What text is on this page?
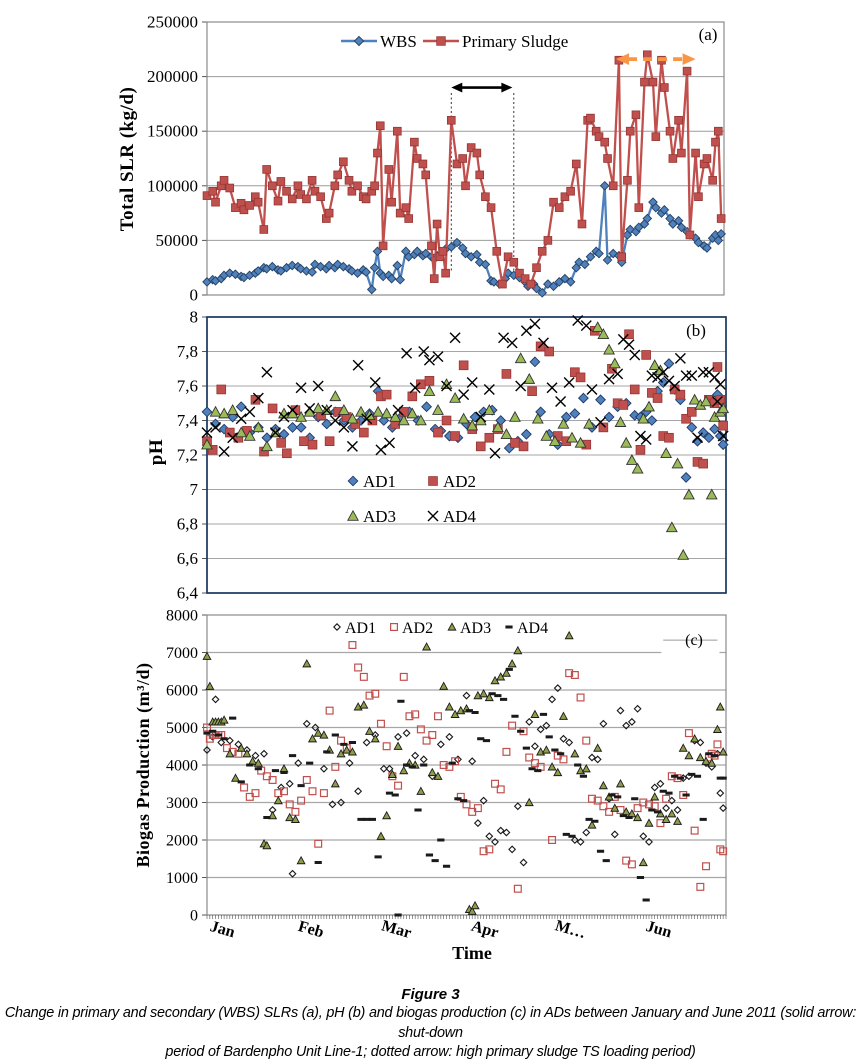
250000
200000
150000
100000
50000
0
WBS	Primary Sludge	(a)
Total SLR (kg/d)
8
7,8
7,6
7,4
7,2
7
6,8
6,6
6,4
AD1	AD2
AD3	AD4
(b)
pH
8000
7000
6000
5000
4000
3000
2000
1000
0
AD1 AD2 AD3 AD4
(c)
Biogas Production (m³/d)
Jan	Feb	Mar	Apr	M…	Jun
Time
Figure 3
Change in primary and secondary (WBS) SLRs (a), pH (b) and biogas production (c) in ADs between January and June 2011 (solid arrow: shut-down
period of Bardenpho Unit Line-1; dotted arrow: high primary sludge TS loading period)
